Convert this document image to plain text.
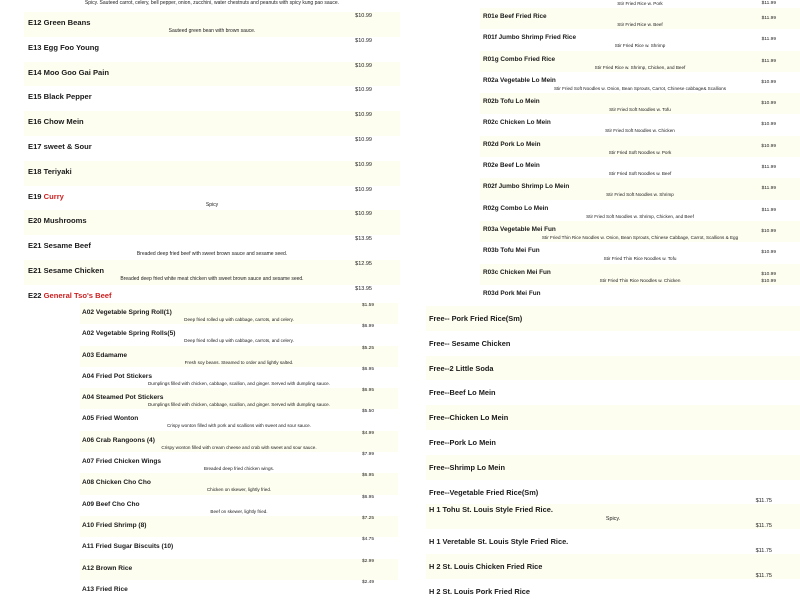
Spicy. Sauteed carrot, celery, bell pepper, onion, zucchini, water chestnuts and peanuts with spicy kung pao sauce.
$10.99
E12 Green Beans
Sauteed green bean with brown sauce.
$10.99
E13 Egg Foo Young
$10.99
E14 Moo Goo Gai Pain
$10.99
E15 Black Pepper
$10.99
E16 Chow Mein
$10.99
E17 sweet & Sour
$10.99
E18 Teriyaki
$10.99
E19 Curry
Spicy
$10.99
E20 Mushrooms
$13.95
E21 Sesame Beef
Breaded deep fried beef with sweet brown sauce and sesame seed.
$12.95
E21 Sesame Chicken
Breaded deep fried white meat chicken with sweet brown sauce and sesame seed.
$13.95
E22 General Tso's Beef
$1.59
A02 Vegetable Spring Roll(1)
Deep fried rolled up with cabbage, carrots, and celery.
$6.99
A02 Vegetable Spring Rolls(5)
Deep fried rolled up with cabbage, carrots, and celery.
$5.25
A03 Edamame
Fresh soy beans. Steamed to order and lightly salted.
$6.95
A04 Fried Pot Stickers
Dumplings filled with chicken, cabbage, scallion, and ginger. Served with dumpling sauce.
$6.95
A04 Steamed Pot Stickers
Dumplings filled with chicken, cabbage, scallion, and ginger. Served with dumpling sauce.
$5.50
A05 Fried Wonton
Crispy wonton filled with pork and scallions with sweet and sour sauce.
$4.99
A06 Crab Rangoons (4)
Crispy wonton filled with cream cheese and crab with sweet and sour sauce.
$7.99
A07 Fried Chicken Wings
Breaded deep fried chicken wings.
$6.95
A08 Chicken Cho Cho
Chicken on skewer, lightly fried.
$6.95
A09 Beef Cho Cho
Beef on skewer, lightly fried.
$7.25
A10 Fried Shrimp (8)
$4.75
A11 Fried Sugar Biscuits (10)
$2.99
A12 Brown Rice
$2.49
A13 Fried Rice
Stir Fried Rice w. Pork	$11.99
R01e Beef Fried Rice
Stir Fried Rice w. Beef
$11.99
R01f Jumbo Shrimp Fried Rice
Stir Fried Rice w. Shrimp
$11.99
R01g Combo Fried Rice
Stir Fried Rice w. Shrimp, Chicken, and Beef
$11.99
R02a Vegetable Lo Mein
Stir Fried Soft Noodles w. Onion, Bean Sprouts, Carrot, Chinese cabbage& Scallions
$10.99
R02b Tofu Lo Mein
Stir Fried Soft Noodles w. Tofu
$10.99
R02c Chicken Lo Mein
Stir Fried Soft Noodles w. Chicken
$10.99
R02d Pork Lo Mein
Stir Fried Soft Noodles w. Pork
$10.99
R02e Beef Lo Mein
Stir Fried Soft Noodles w. Beef
$11.99
R02f Jumbo Shrimp Lo Mein
Stir Fried Soft Noodles w. Shrimp
$11.99
R02g Combo Lo Mein
Stir Fried Soft Noodles w. Shrimp, Chicken, and Beef
$11.99
R03a Vegetable Mei Fun
Stir Fried Thin Rice Noodles w. Onion, Bean Sprouts, Chinese Cabbage, Carrot, Scallions & Egg
$10.99
R03b Tofu Mei Fun
Stir Fried Thin Rice Noodles w. Tofu
$10.99
R03c Chicken Mei Fun
Stir Fried Thin Rice Noodles w. Chicken
$10.99
R03d Pork Mei Fun
$10.99
Free-- Pork Fried Rice(Sm)
Free-- Sesame Chicken
Free--2 Little Soda
Free--Beef Lo Mein
Free--Chicken Lo Mein
Free--Pork Lo Mein
Free--Shrimp Lo Mein
Free--Vegetable Fried Rice(Sm)
$11.75
H 1 Tohu St. Louis Style Fried Rice.
Spicy.
$11.75
H 1 Veretable St. Louis Style Fried Rice.
$11.75
H 2 St. Louis Chicken Fried Rice
$11.75
H 2 St. Louis Pork Fried Rice
